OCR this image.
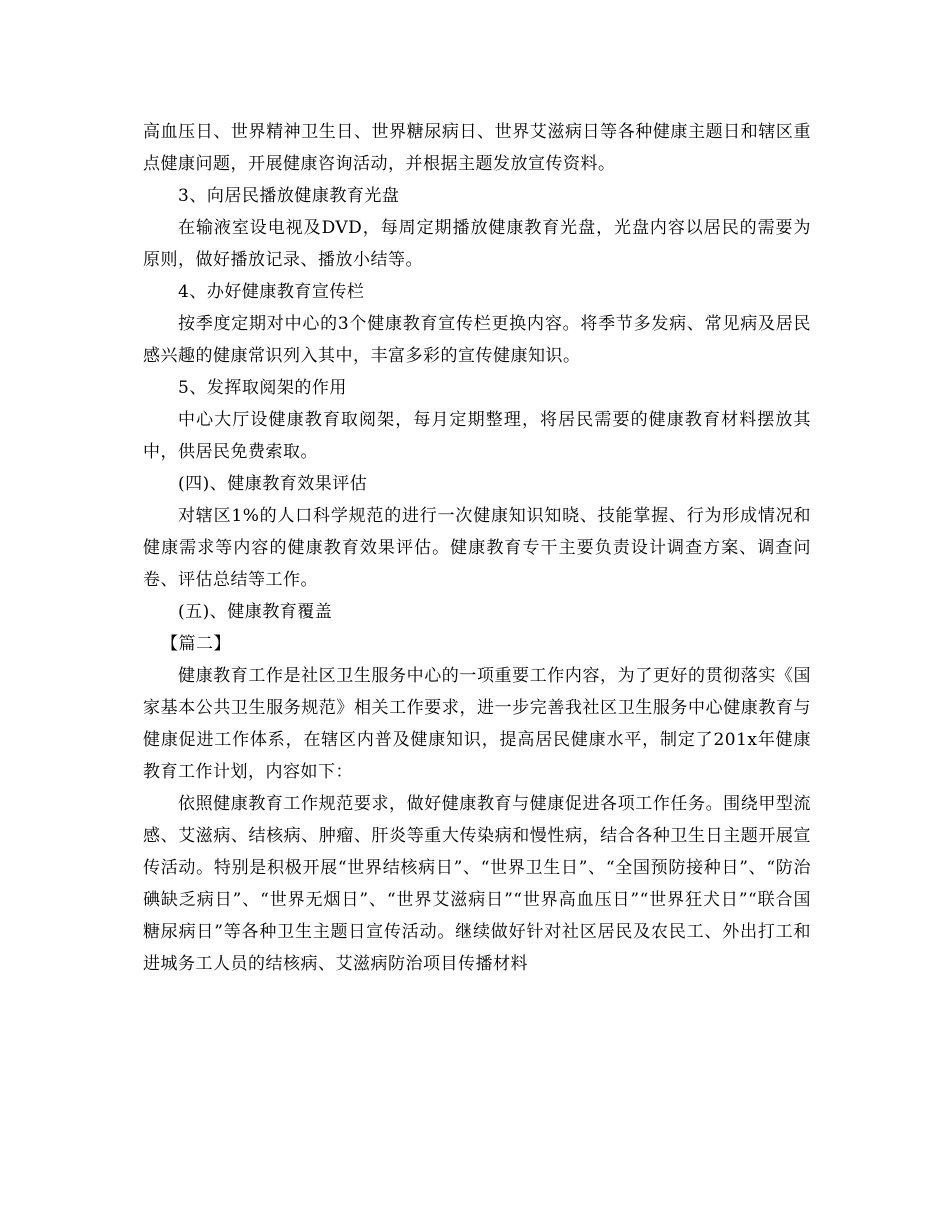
高血压日、世界精神卫生日、世界糖尿病日、世界艾滋病日等各种健康主题日和辖区重点健康问题，开展健康咨询活动，并根据主题发放宣传资料。

3、向居民播放健康教育光盘

在输液室设电视及DVD，每周定期播放健康教育光盘，光盘内容以居民的需要为原则，做好播放记录、播放小结等。

4、办好健康教育宣传栏

按季度定期对中心的3个健康教育宣传栏更换内容。将季节多发病、常见病及居民感兴趣的健康常识列入其中，丰富多彩的宣传健康知识。

5、发挥取阅架的作用

中心大厅设健康教育取阅架，每月定期整理，将居民需要的健康教育材料摆放其中，供居民免费索取。

(四)、健康教育效果评估

对辖区1%的人口科学规范的进行一次健康知识知晓、技能掌握、行为形成情况和健康需求等内容的健康教育效果评估。健康教育专干主要负责设计调查方案、调查问卷、评估总结等工作。

(五)、健康教育覆盖

【篇二】

健康教育工作是社区卫生服务中心的一项重要工作内容，为了更好的贯彻落实《国家基本公共卫生服务规范》相关工作要求，进一步完善我社区卫生服务中心健康教育与健康促进工作体系，在辖区内普及健康知识，提高居民健康水平，制定了201x年健康教育工作计划，内容如下：

依照健康教育工作规范要求，做好健康教育与健康促进各项工作任务。围绕甲型流感、艾滋病、结核病、肿瘤、肝炎等重大传染病和慢性病，结合各种卫生日主题开展宣传活动。特别是积极开展“世界结核病日”、“世界卫生日”、“全国预防接种日”、“防治碘缺乏病日”、“世界无烟日”、“世界艾滋病日”“世界高血压日”“世界狂犬日”“联合国糖尿病日”等各种卫生主题日宣传活动。继续做好针对社区居民及农民工、外出打工和进城务工人员的结核病、艾滋病防治项目传播材料
